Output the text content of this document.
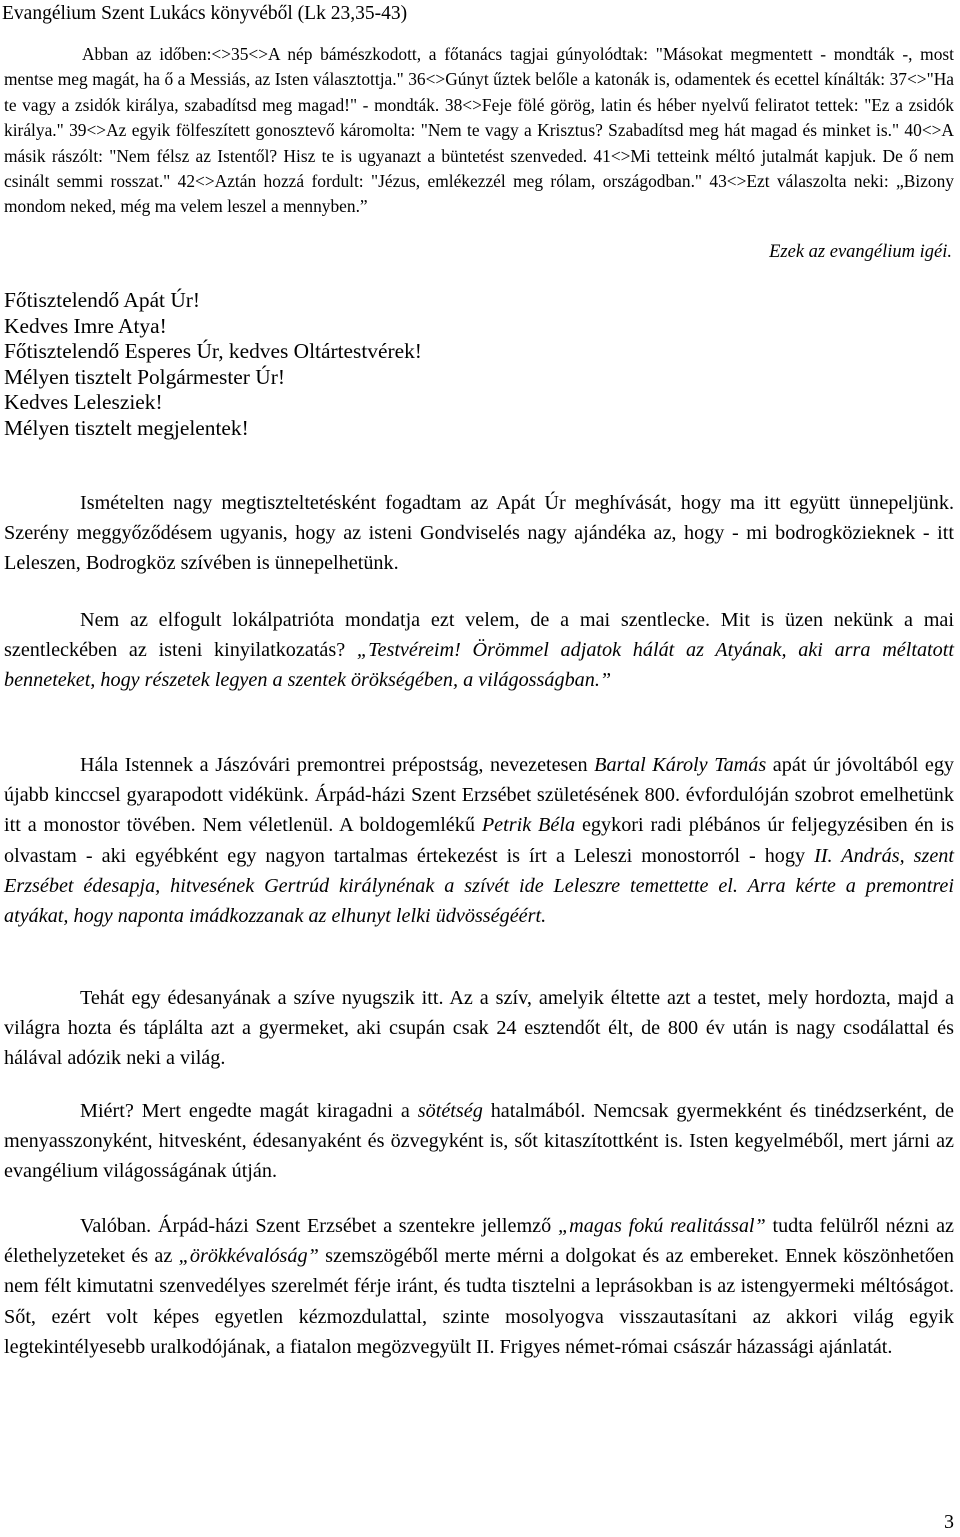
Evangélium Szent Lukács könyvéből (Lk 23,35-43)
Abban az időben:<>35<>A nép bámészkodott, a főtanács tagjai gúnyolódtak: "Másokat megmentett - mondták -, most mentse meg magát, ha ő a Messiás, az Isten választottja." 36<>Gúnyt űztek belőle a katonák is, odamentek és ecettel kínálták: 37<>"Ha te vagy a zsidók királya, szabadítsd meg magad!" - mondták. 38<>Feje fölé görög, latin és héber nyelvű feliratot tettek: "Ez a zsidók királya." 39<>Az egyik fölfeszített gonosztevő káromolta: "Nem te vagy a Krisztus? Szabadítsd meg hát magad és minket is." 40<>A másik rászólt: "Nem félsz az Istentől? Hisz te is ugyanazt a büntetést szenveded. 41<>Mi tetteink méltó jutalmát kapjuk. De ő nem csinált semmi rosszat." 42<>Aztán hozzá fordult: "Jézus, emlékezzél meg rólam, országodban." 43<>Ezt válaszolta neki: „Bizony mondom neked, még ma velem leszel a mennyben.”
Ezek az evangélium igéi.
Főtisztelendő Apát Úr!
Kedves Imre Atya!
Főtisztelendő Esperes Úr, kedves Oltártestvérek!
Mélyen tisztelt Polgármester Úr!
Kedves Lelesziek!
Mélyen tisztelt megjelentek!

Ismételten nagy megtiszteltetésként fogadtam az Apát Úr meghívását, hogy ma itt együtt ünnepeljünk. Szerény meggyőződésem ugyanis, hogy az isteni Gondviselés nagy ajándéka az, hogy - mi bodrogközieknek - itt Leleszen, Bodrogköz szívében is ünnepelhetünk.

Nem az elfogult lokálpatrióta mondatja ezt velem, de a mai szentlecke. Mit is üzen nekünk a mai szentleckében az isteni kinyilatkozatás? „Testvéreim! Örömmel adjatok hálát az Atyának, aki arra méltatott benneteket, hogy részetek legyen a szentek örökségében, a világosságban.”

Hála Istennek a Jászóvári premontrei prépostság, nevezetesen Bartal Károly Tamás apát úr jóvoltából egy újabb kinccsel gyarapodott vidékünk. Árpád-házi Szent Erzsébet születésének 800. évfordulóján szobrot emelhetünk itt a monostor tövében. Nem véletlenül. A boldogemlékű Petrik Béla egykori radi plébános úr feljegyzésiben én is olvastam - aki egyébként egy nagyon tartalmas értekezést is írt a Leleszi monostorról - hogy II. András, szent Erzsébet édesapja, hitvesének Gertrúd királynénak a szívét ide Leleszre temettette el. Arra kérte a premontrei atyákat, hogy naponta imádkozzanak az elhunyt lelki üdvösségéért.

Tehát egy édesanyának a szíve nyugszik itt. Az a szív, amelyik éltette azt a testet, mely hordozta, majd a világra hozta és táplálta azt a gyermeket, aki csupán csak 24 esztendőt élt, de 800 év után is nagy csodálattal és hálával adózik neki a világ.

Miért? Mert engedte magát kiragadni a sötétség hatalmából. Nemcsak gyermekként és tinédzserként, de menyasszonyként, hitvesként, édesanyaként és özvegyként is, sőt kitaszítottként is. Isten kegyelméből, mert járni az evangélium világosságának útján.

Valóban. Árpád-házi Szent Erzsébet a szentekre jellemző „magas fokú realitással” tudta felülről nézni az élethelyzeteket és az „örökkévalóság” szemszögéből merte mérni a dolgokat és az embereket. Ennek köszönhetően nem félt kimutatni szenvedélyes szerelmét férje iránt, és tudta tisztelni a leprásokban is az istengyermeki méltóságot. Sőt, ezért volt képes egyetlen kézmozdulattal, szinte mosolyogva visszautasítani az akkori világ egyik legtekintélyesebb uralkodójának, a fiatalon megözvegyült II. Frigyes német-római császár házassági ajánlatát.

3
